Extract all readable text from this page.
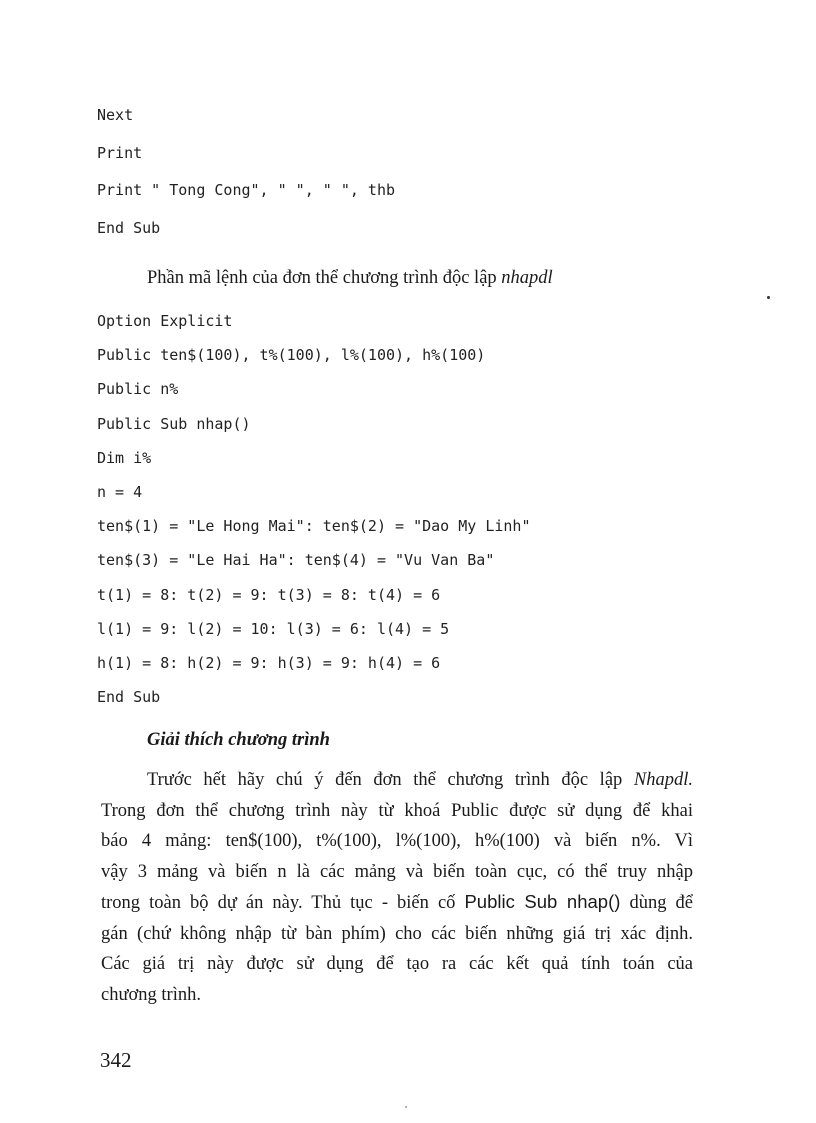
Next
Print
Print " Tong Cong", " ", " ", thb
End Sub
Phần mã lệnh của đơn thể chương trình độc lập nhapdl
Option Explicit
Public ten$(100), t%(100), l%(100), h%(100)
Public n%
Public Sub nhap()
Dim i%
n = 4
ten$(1) = "Le Hong Mai": ten$(2) = "Dao My Linh"
ten$(3) = "Le Hai Ha": ten$(4) = "Vu Van Ba"
t(1) = 8: t(2) = 9: t(3) = 8: t(4) = 6
l(1) = 9: l(2) = 10: l(3) = 6: l(4) = 5
h(1) = 8: h(2) = 9: h(3) = 9: h(4) = 6
End Sub
Giải thích chương trình
Trước hết hãy chú ý đến đơn thể chương trình độc lập Nhapdl.
Trong đơn thể chương trình này từ khoá Public được sử dụng để khai
báo 4 mảng: ten$(100), t%(100), l%(100), h%(100) và biến n%. Vì
vậy 3 mảng và biến n là các mảng và biến toàn cục, có thể truy nhập
trong toàn bộ dự án này. Thủ tục - biến cố Public Sub nhap() dùng để
gán (chứ không nhập từ bàn phím) cho các biến những giá trị xác định.
Các giá trị này được sử dụng để tạo ra các kết quả tính toán của
chương trình.
342
